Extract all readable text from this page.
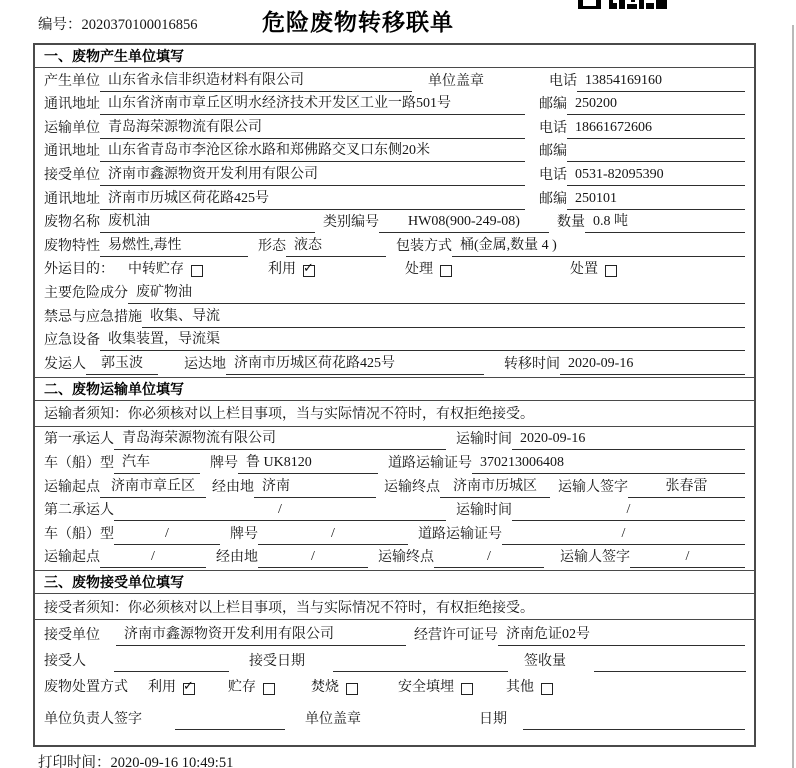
编号：2020370100016856	危险废物转移联单
一、废物产生单位填写
产生单位 山东省永信非织造材料有限公司	单位盖章	电话 13854169160
通讯地址 山东省济南市章丘区明水经济技术开发区工业一路501号	邮编 250200
运输单位 青岛海荣源物流有限公司	电话 18661672606
通讯地址 山东省青岛市李沧区徐水路和郑佛路交叉口东侧20米	邮编
接受单位 济南市鑫源物资开发利用有限公司	电话 0531-82095390
通讯地址 济南市历城区荷花路425号	邮编 250101
废物名称 废机油	类别编号	HW08(900-249-08)	数量 0.8 吨
废物特性 易燃性,毒性	形态 液态	包装方式 桶(金属,数量 4 )
外运目的： 中转贮存	利用 ✓	处理	处置
主要危险成分 废矿物油
禁忌与应急措施 收集、导流
应急设备 收集装置，导流渠
发运人	郭玉波	运达地 济南市历城区荷花路425号	转移时间 2020-09-16
二、废物运输单位填写
运输者须知：你必须核对以上栏目事项，当与实际情况不符时，有权拒绝接受。
第一承运人 青岛海荣源物流有限公司	运输时间 2020-09-16
车（船）型 汽车	牌号 鲁 UK8120	道路运输证号 370213006408
运输起点 济南市章丘区	经由地 济南	运输终点 济南市历城区	运输人签字	张春雷
第二承运人	/	运输时间	/
车（船）型	/	牌号	/	道路运输证号	/
运输起点	/	经由地	/	运输终点	/	运输人签字	/
三、废物接受单位填写
接受者须知：你必须核对以上栏目事项，当与实际情况不符时，有权拒绝接受。
接受单位	济南市鑫源物资开发利用有限公司	经营许可证号 济南危证02号
接受人	接受日期	签收量
废物处置方式 利用 ✓	贮存	焚烧	安全填埋	其他
单位负责人签字	单位盖章	日期
打印时间：2020-09-16 10:49:51
